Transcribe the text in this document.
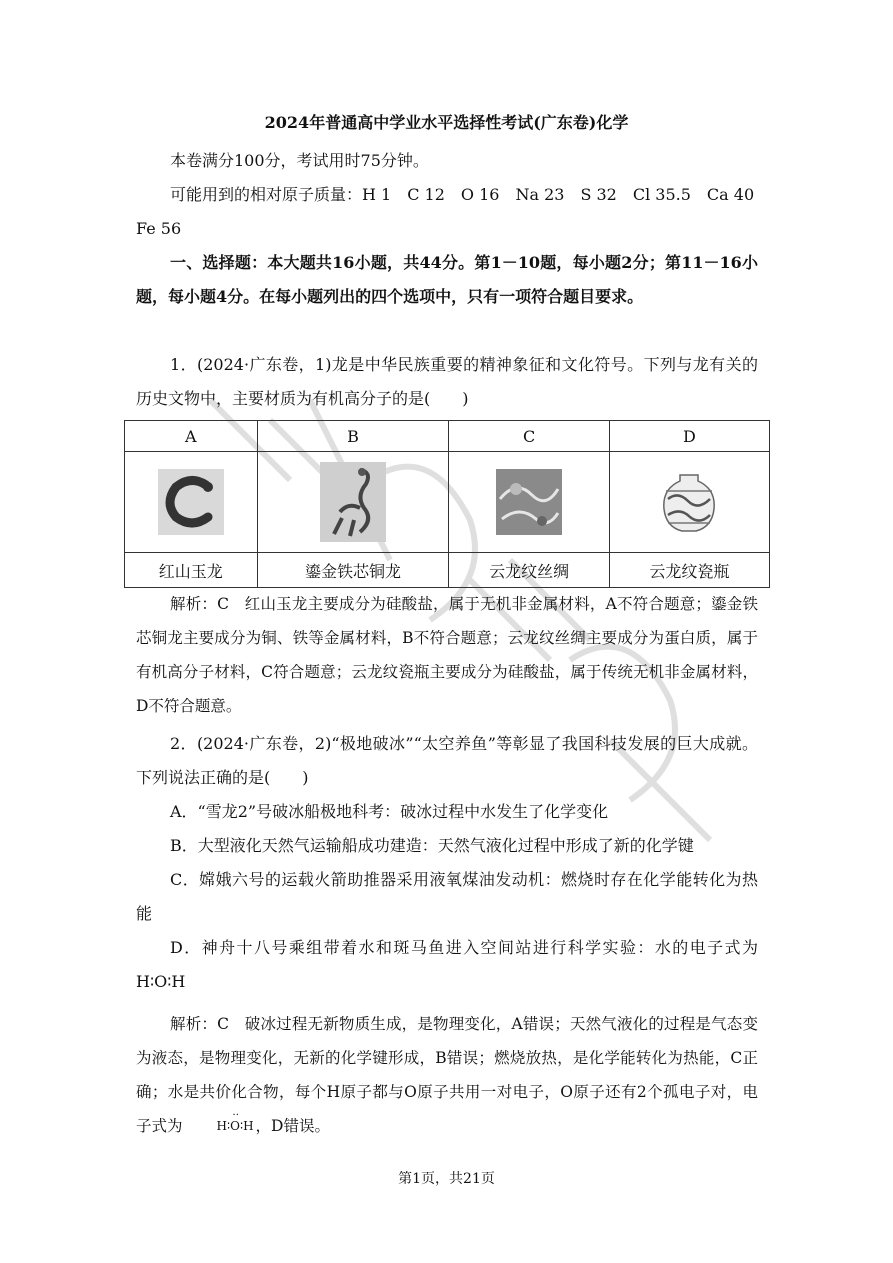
2024年普通高中学业水平选择性考试(广东卷)化学

本卷满分100分，考试用时75分钟。

可能用到的相对原子质量：H 1　C 12　O 16　Na 23　S 32　Cl 35.5　Ca 40 Fe 56

一、选择题：本大题共16小题，共44分。第1－10题，每小题2分；第11－16小题，每小题4分。在每小题列出的四个选项中，只有一项符合题目要求。

1．(2024·广东卷，1)龙是中华民族重要的精神象征和文化符号。下列与龙有关的历史文物中，主要材质为有机高分子的是(　　)

A	B	C	D

红山玉龙	鎏金铁芯铜龙	云龙纹丝绸	云龙纹瓷瓶

解析：C　红山玉龙主要成分为硅酸盐，属于无机非金属材料，A不符合题意；鎏金铁芯铜龙主要成分为铜、铁等金属材料，B不符合题意；云龙纹丝绸主要成分为蛋白质，属于有机高分子材料，C符合题意；云龙纹瓷瓶主要成分为硅酸盐，属于传统无机非金属材料，D不符合题意。

2．(2024·广东卷，2)“极地破冰”“太空养鱼”等彰显了我国科技发展的巨大成就。下列说法正确的是(　　)

A．“雪龙2”号破冰船极地科考：破冰过程中水发生了化学变化

B．大型液化天然气运输船成功建造：天然气液化过程中形成了新的化学键

C．嫦娥六号的运载火箭助推器采用液氧煤油发动机：燃烧时存在化学能转化为热能

D．神舟十八号乘组带着水和斑马鱼进入空间站进行科学实验：水的电子式为H∶O∶H

解析：C　破冰过程无新物质生成，是物理变化，A错误；天然气液化的过程是气态变为液态，是物理变化，无新的化学键形成，B错误；燃烧放热，是化学能转化为热能，C正确；水是共价化合物，每个H原子都与O原子共用一对电子，O原子还有2个孤电子对，电子式为	H∶O∶H
··
，D错误。

第1页，共21页
